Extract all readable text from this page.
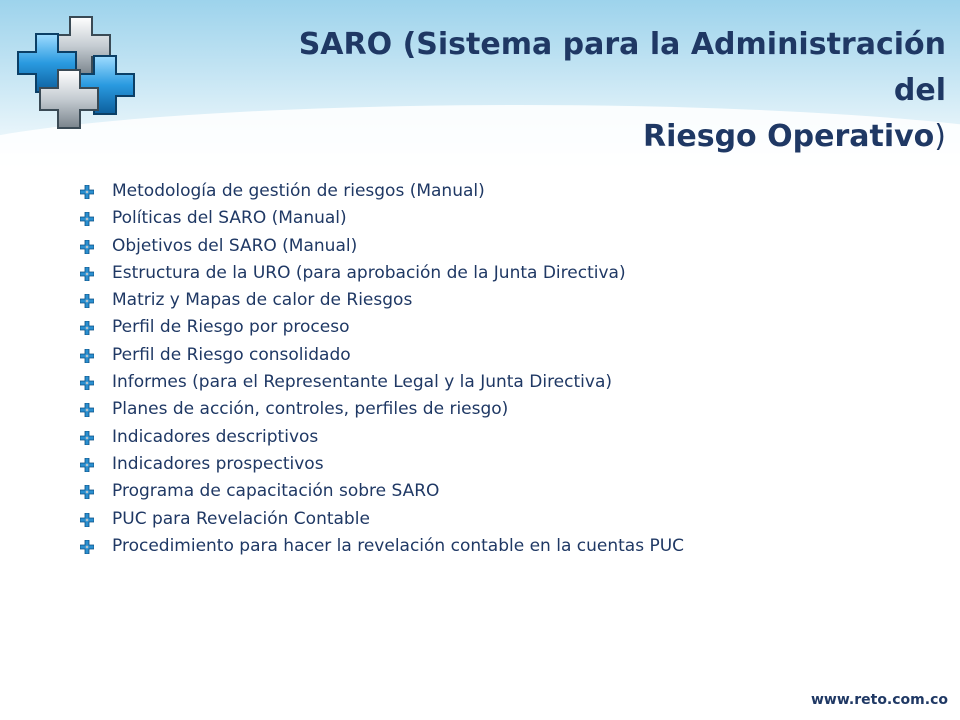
SARO (Sistema para la Administración del
Riesgo Operativo)
Metodología de gestión de riesgos (Manual)
Políticas del SARO (Manual)
Objetivos del SARO (Manual)
Estructura de la URO (para aprobación de la Junta Directiva)
Matriz y Mapas de calor de Riesgos
Perfil de Riesgo por proceso
Perfil de Riesgo consolidado
Informes (para el Representante Legal y la Junta Directiva)
Planes de acción, controles, perfiles de riesgo)
Indicadores descriptivos
Indicadores prospectivos
Programa de capacitación sobre SARO
PUC para Revelación Contable
Procedimiento para hacer la revelación contable en la cuentas PUC
www.reto.com.co
